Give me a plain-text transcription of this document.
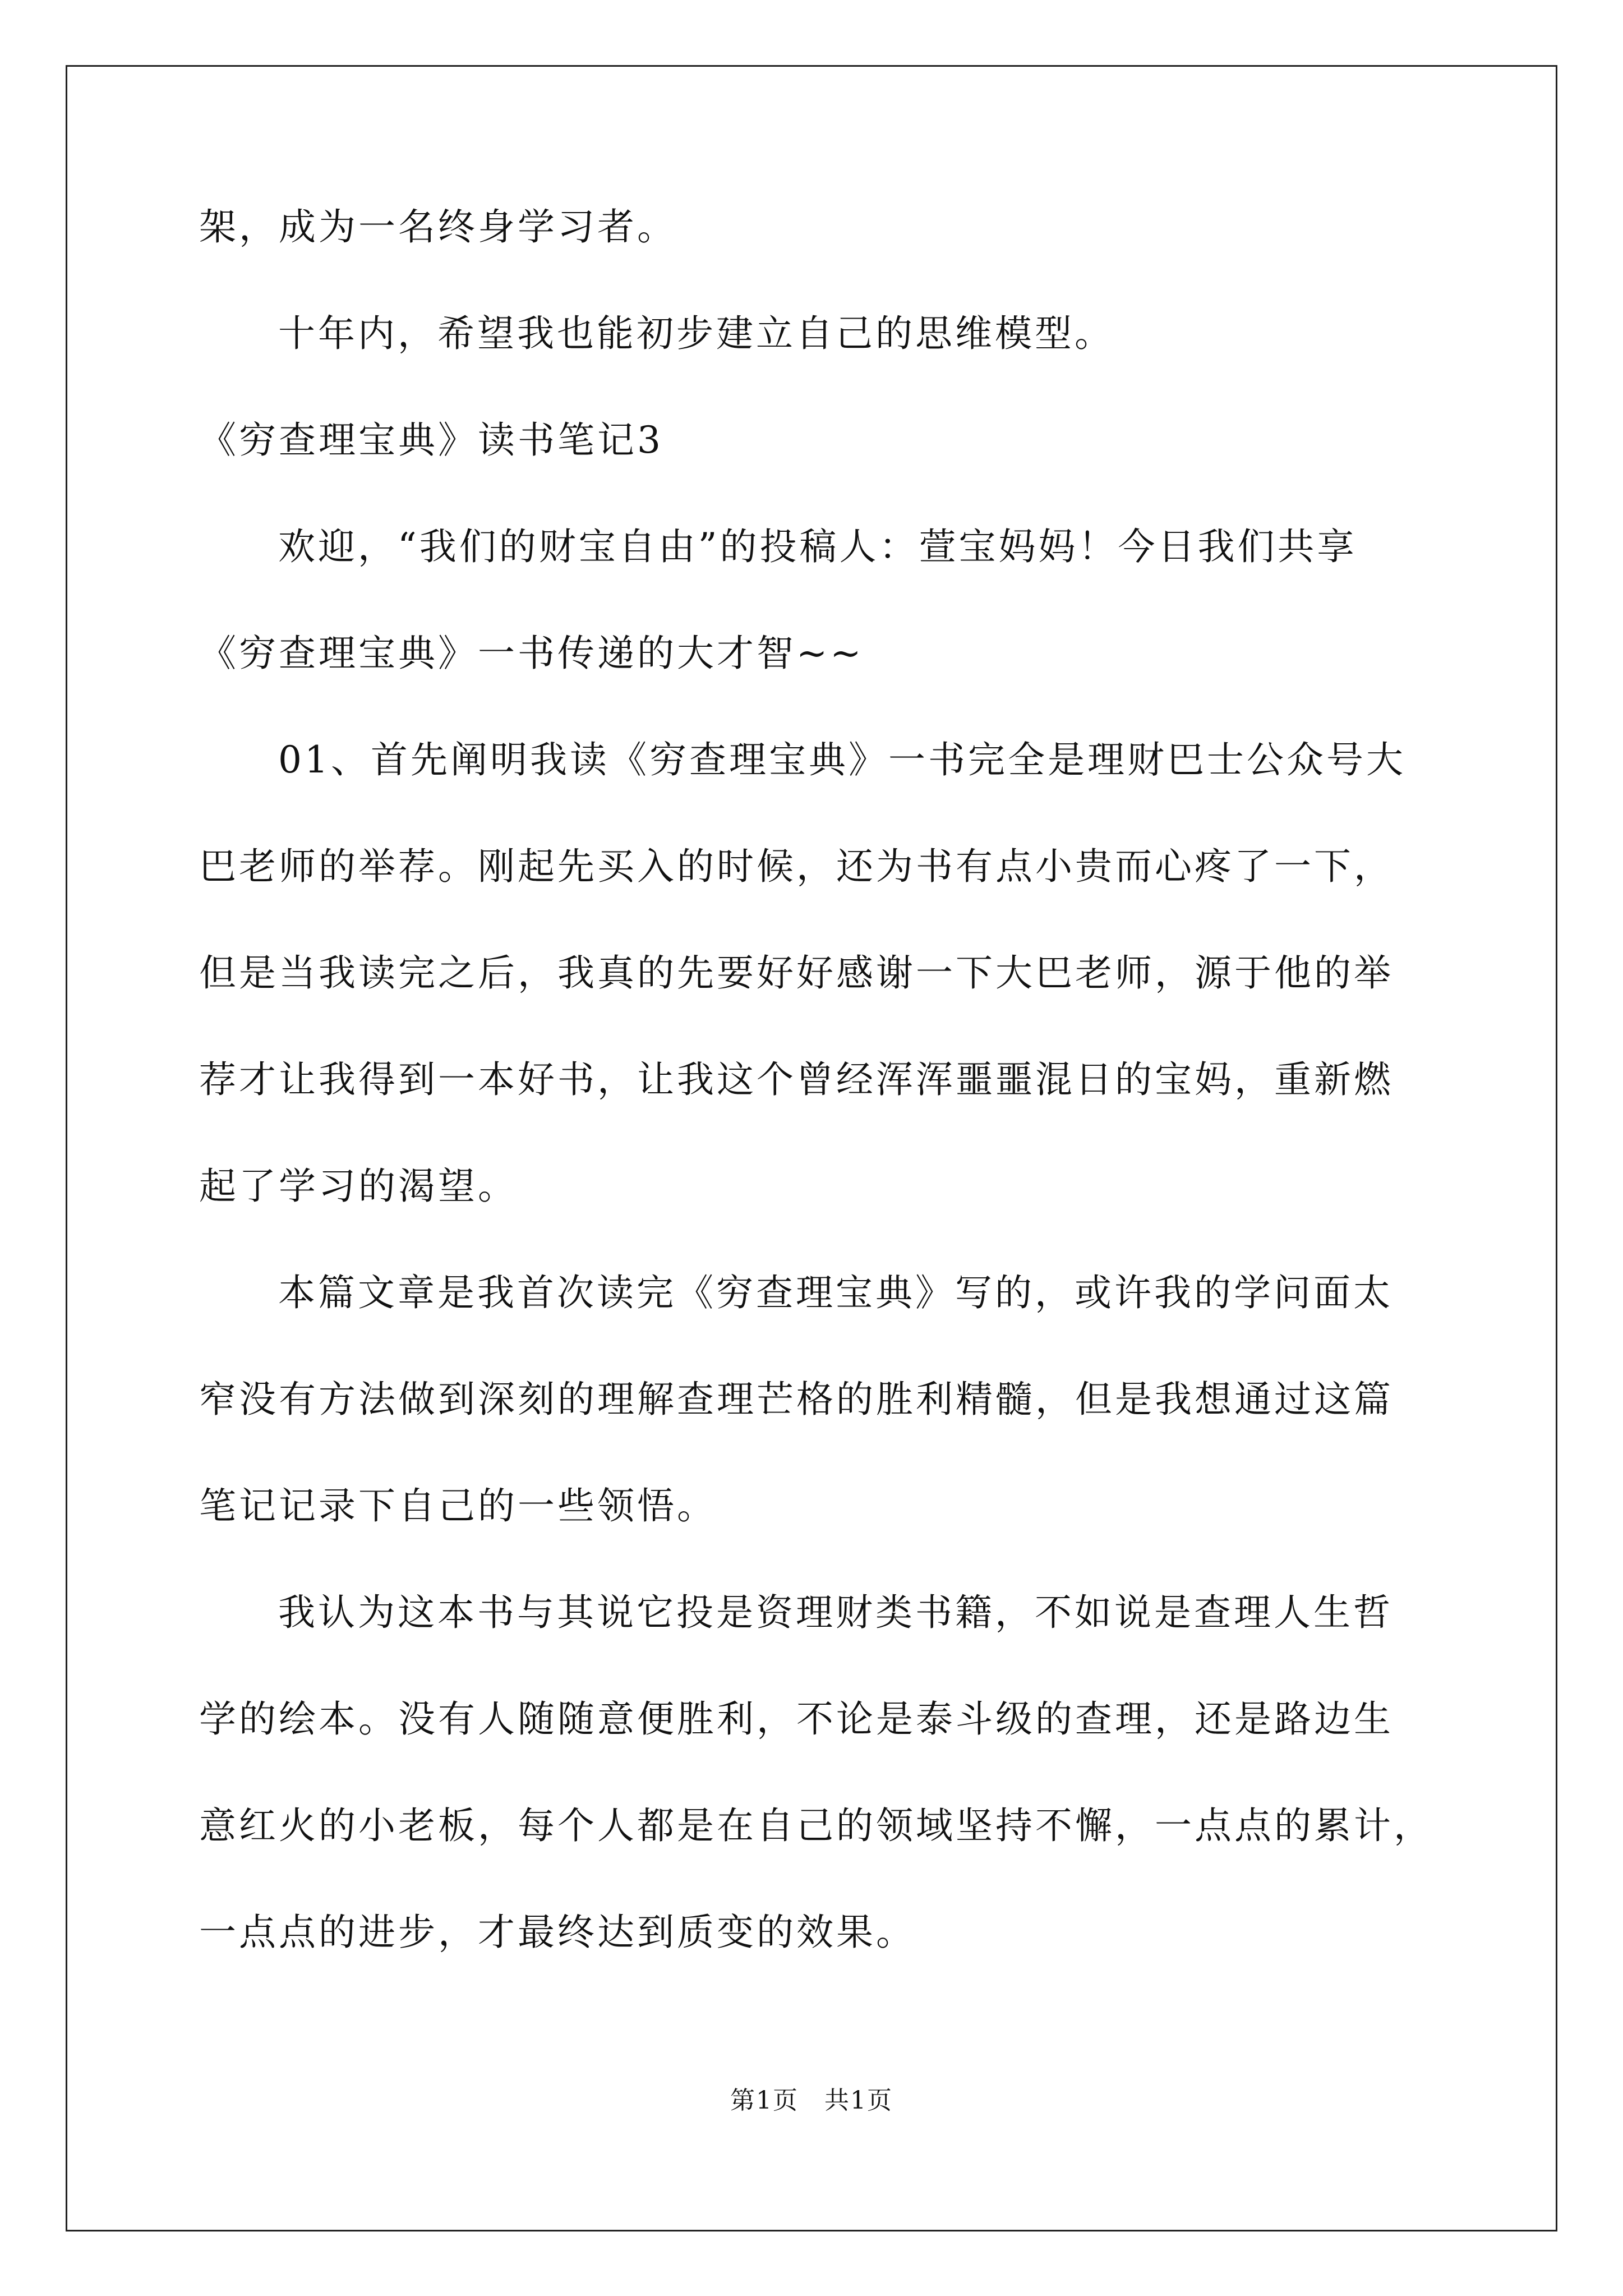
架，成为一名终身学习者。
十年内，希望我也能初步建立自己的思维模型。
《穷查理宝典》读书笔记3
欢迎，“我们的财宝自由”的投稿人：萱宝妈妈！今日我们共享
《穷查理宝典》一书传递的大才智~~
01、首先阐明我读《穷查理宝典》一书完全是理财巴士公众号大
巴老师的举荐。刚起先买入的时候，还为书有点小贵而心疼了一下，
但是当我读完之后，我真的先要好好感谢一下大巴老师，源于他的举
荐才让我得到一本好书，让我这个曾经浑浑噩噩混日的宝妈，重新燃
起了学习的渴望。
本篇文章是我首次读完《穷查理宝典》写的，或许我的学问面太
窄没有方法做到深刻的理解查理芒格的胜利精髓，但是我想通过这篇
笔记记录下自己的一些领悟。
我认为这本书与其说它投是资理财类书籍，不如说是查理人生哲
学的绘本。没有人随随意便胜利，不论是泰斗级的查理，还是路边生
意红火的小老板，每个人都是在自己的领域坚持不懈，一点点的累计，
一点点的进步，才最终达到质变的效果。
第1页　共1页
